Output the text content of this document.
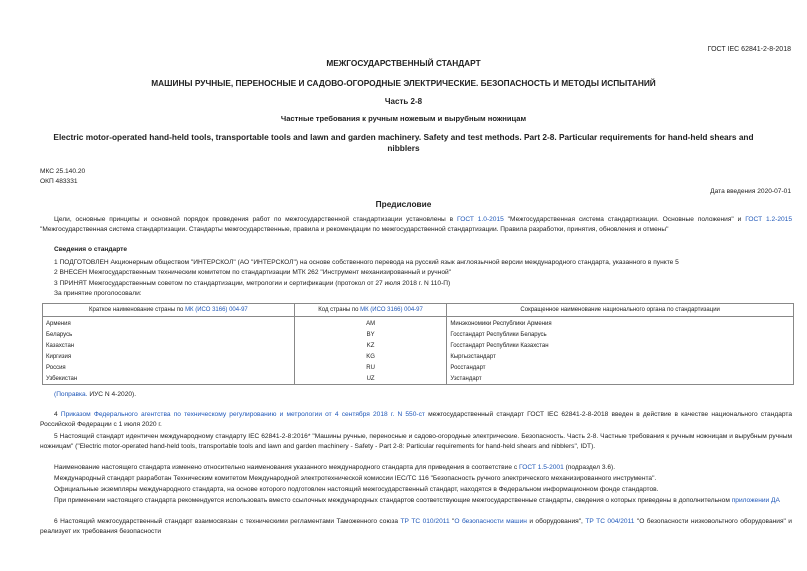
ГОСТ IEC 62841-2-8-2018
МЕЖГОСУДАРСТВЕННЫЙ СТАНДАРТ
МАШИНЫ РУЧНЫЕ, ПЕРЕНОСНЫЕ И САДОВО-ОГОРОДНЫЕ ЭЛЕКТРИЧЕСКИЕ. БЕЗОПАСНОСТЬ И МЕТОДЫ ИСПЫТАНИЙ
Часть 2-8
Частные требования к ручным ножевым и вырубным ножницам
Electric motor-operated hand-held tools, transportable tools and lawn and garden machinery. Safety and test methods. Part 2-8. Particular requirements for hand-held shears and nibblers
МКС 25.140.20
ОКП 483331
Дата введения 2020-07-01
Предисловие
Цели, основные принципы и основной порядок проведения работ по межгосударственной стандартизации установлены в ГОСТ 1.0-2015 "Межгосударственная система стандартизации. Основные положения" и ГОСТ 1.2-2015 "Межгосударственная система стандартизации. Стандарты межгосударственные, правила и рекомендации по межгосударственной стандартизации. Правила разработки, принятия, обновления и отмены"
Сведения о стандарте
1 ПОДГОТОВЛЕН Акционерным обществом "ИНТЕРСКОЛ" (АО "ИНТЕРСКОЛ") на основе собственного перевода на русский язык англоязычной версии международного стандарта, указанного в пункте 5
2 ВНЕСЕН Межгосударственным техническим комитетом по стандартизации МТК 262 "Инструмент механизированный и ручной"
3 ПРИНЯТ Межгосударственным советом по стандартизации, метрологии и сертификации (протокол от 27 июля 2018 г. N 110-П)
За принятие проголосовали:
Краткое наименование страны по МК (ИСО 3166) 004-97	Код страны по МК (ИСО 3166) 004-97	Сокращенное наименование национального органа по стандартизации
Армения	AM	Минэкономики Республики Армения
Беларусь	BY	Госстандарт Республики Беларусь
Казахстан	KZ	Госстандарт Республики Казахстан
Киргизия	KG	Кыргызстандарт
Россия	RU	Росстандарт
Узбекистан	UZ	Узстандарт
(Поправка. ИУС N 4-2020).
4 Приказом Федерального агентства по техническому регулированию и метрологии от 4 сентября 2018 г. N 550-ст межгосударственный стандарт ГОСТ IEC 62841-2-8-2018 введен в действие в качестве национального стандарта Российской Федерации с 1 июля 2020 г.
5 Настоящий стандарт идентичен международному стандарту IEC 62841-2-8:2016* "Машины ручные, переносные и садово-огородные электрические. Безопасность. Часть 2-8. Частные требования к ручным ножницам и вырубным ручным ножницам" ("Electric motor-operated hand-held tools, transportable tools and lawn and garden machinery - Safety - Part 2-8: Particular requirements for hand-held shears and nibblers", IDT).
Наименование настоящего стандарта изменено относительно наименования указанного международного стандарта для приведения в соответствие с ГОСТ 1.5-2001 (подраздел 3.6).
Международный стандарт разработан Техническим комитетом Международной электротехнической комиссии IEC/TC 116 "Безопасность ручного электрического механизированного инструмента".
Официальные экземпляры международного стандарта, на основе которого подготовлен настоящий межгосударственный стандарт, находятся в Федеральном информационном фонде стандартов.
При применении настоящего стандарта рекомендуется использовать вместо ссылочных международных стандартов соответствующие межгосударственные стандарты, сведения о которых приведены в дополнительном приложении ДА
6 Настоящий межгосударственный стандарт взаимосвязан с техническими регламентами Таможенного союза ТР ТС 010/2011 "О безопасности машин и оборудования", ТР ТС 004/2011 "О безопасности низковольтного оборудования" и реализует их требования безопасности
